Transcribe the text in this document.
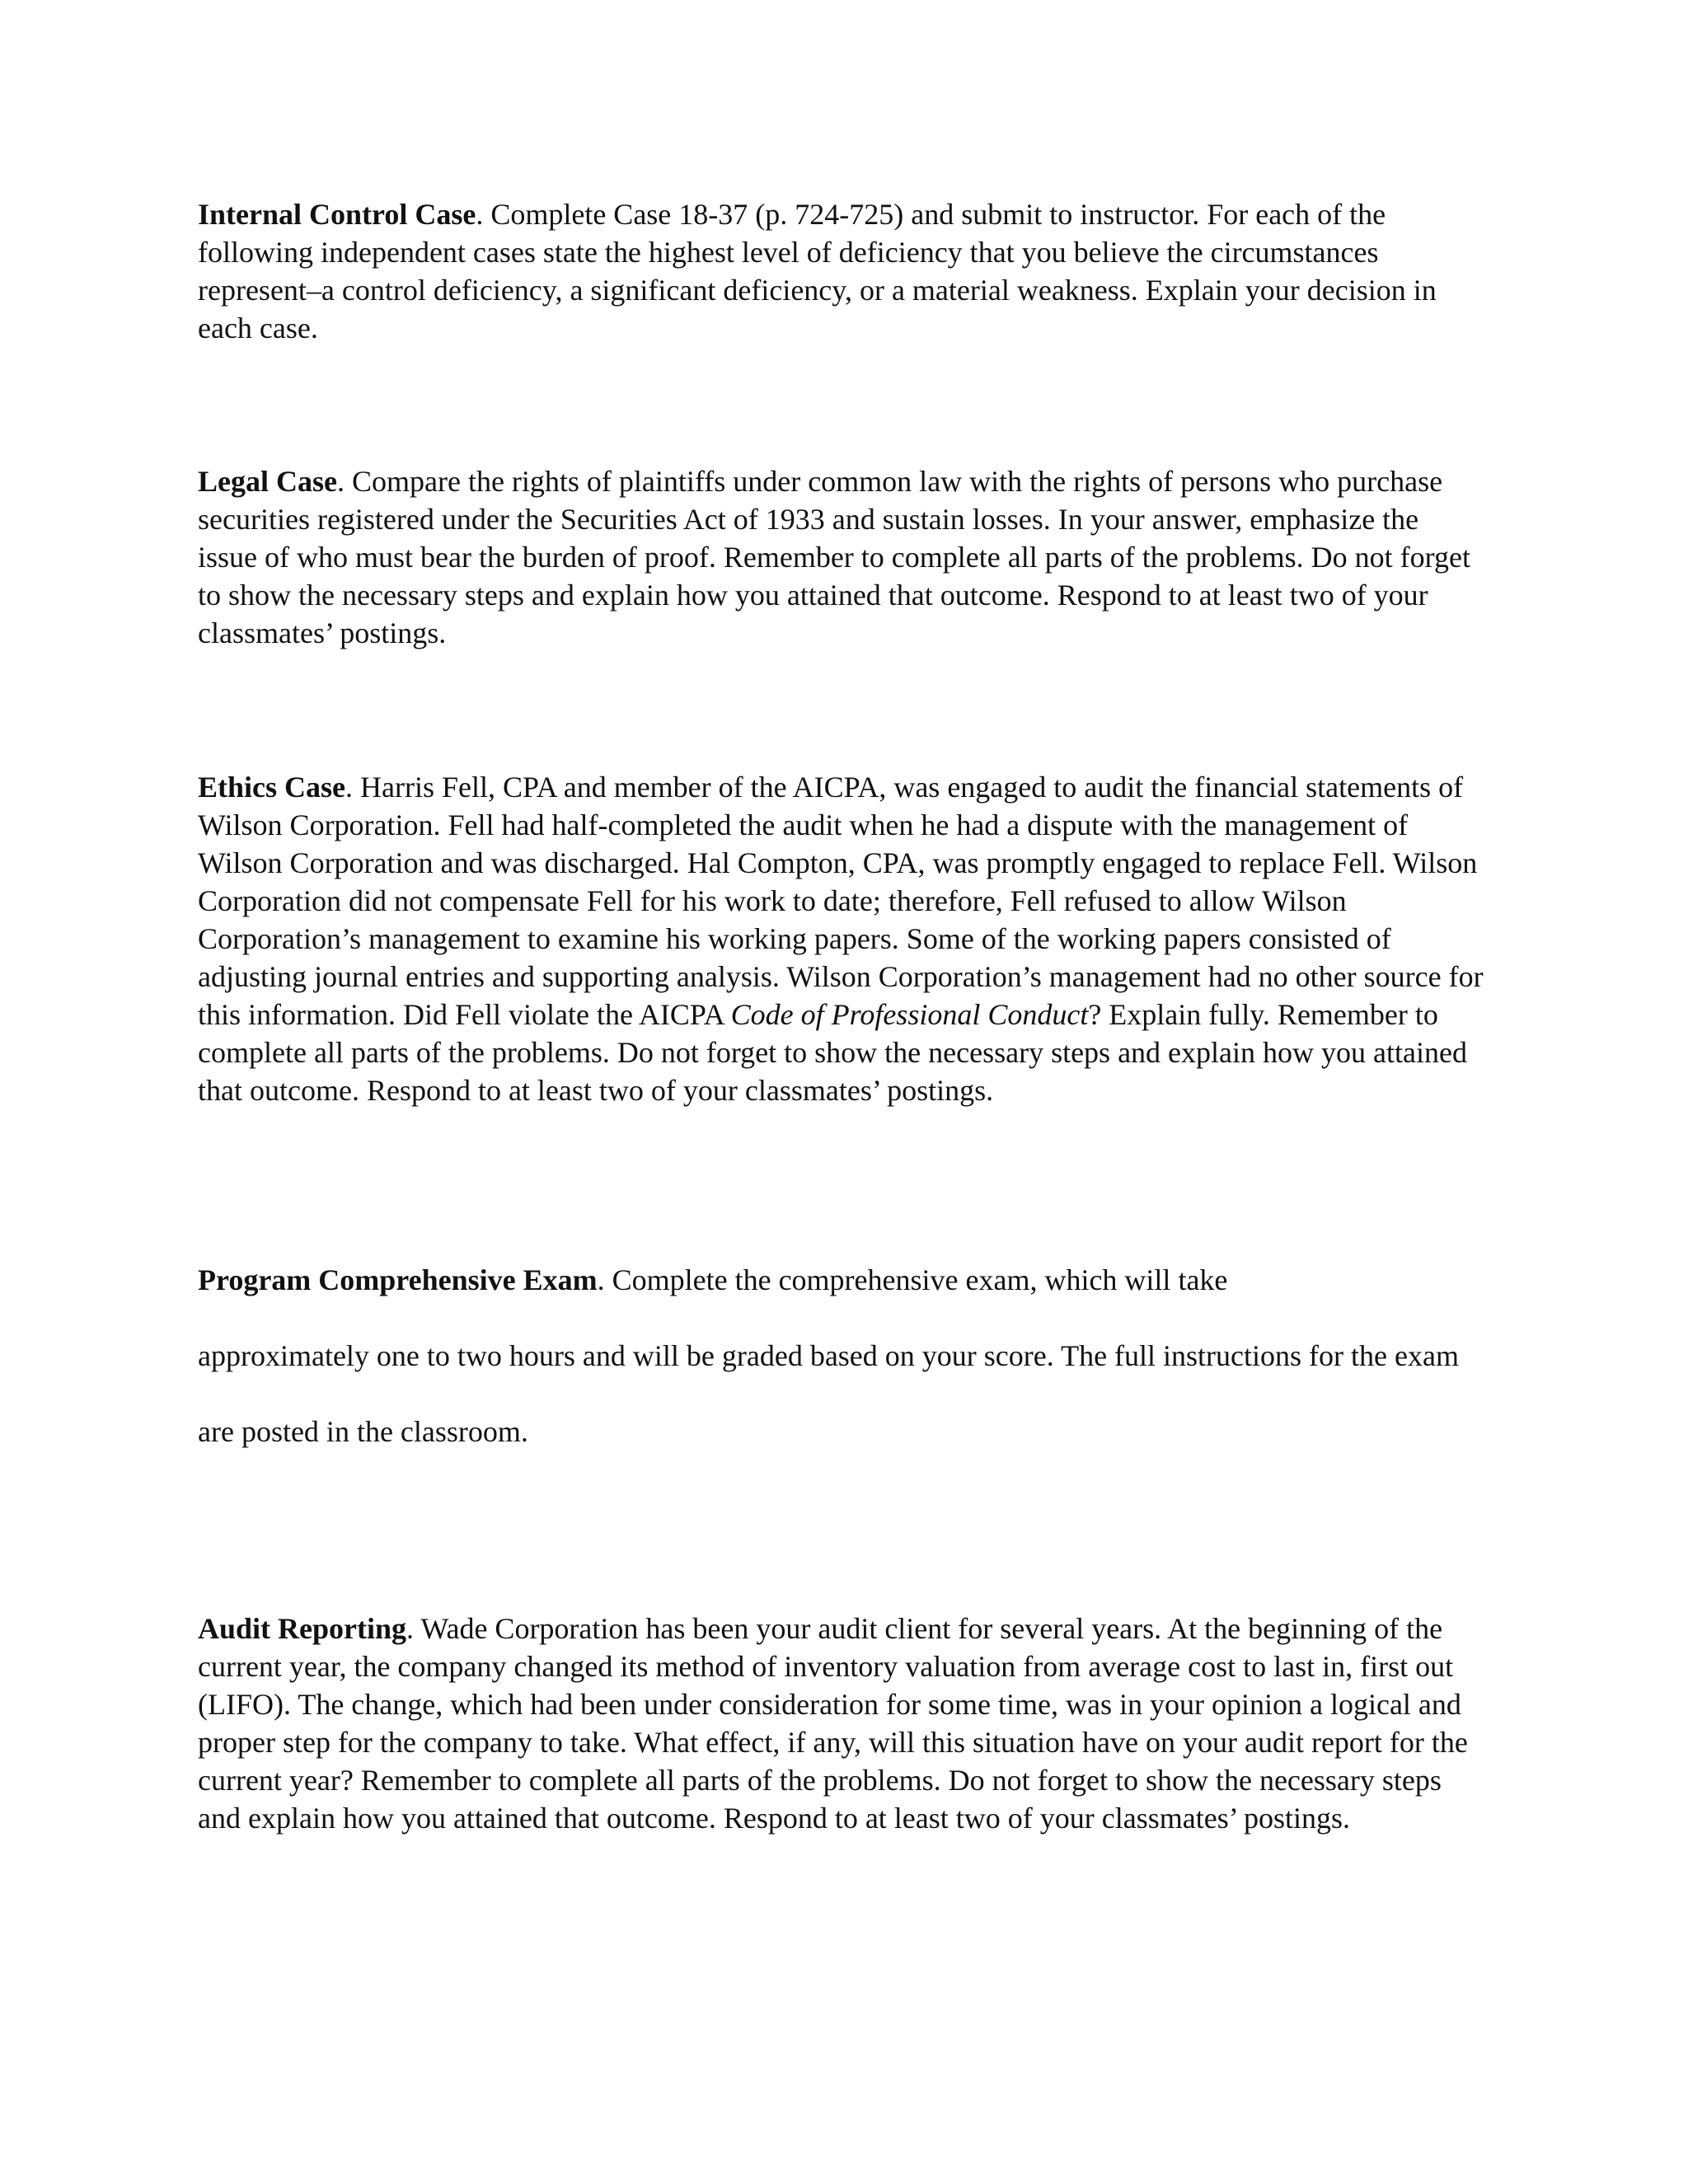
Internal Control Case. Complete Case 18-37 (p. 724-725) and submit to instructor. For each of the following independent cases state the highest level of deficiency that you believe the circumstances represent–a control deficiency, a significant deficiency, or a material weakness. Explain your decision in each case.

Legal Case. Compare the rights of plaintiffs under common law with the rights of persons who purchase securities registered under the Securities Act of 1933 and sustain losses. In your answer, emphasize the issue of who must bear the burden of proof. Remember to complete all parts of the problems. Do not forget to show the necessary steps and explain how you attained that outcome. Respond to at least two of your classmates’ postings.

Ethics Case. Harris Fell, CPA and member of the AICPA, was engaged to audit the financial statements of Wilson Corporation. Fell had half-completed the audit when he had a dispute with the management of Wilson Corporation and was discharged. Hal Compton, CPA, was promptly engaged to replace Fell. Wilson Corporation did not compensate Fell for his work to date; therefore, Fell refused to allow Wilson Corporation’s management to examine his working papers. Some of the working papers consisted of adjusting journal entries and supporting analysis. Wilson Corporation’s management had no other source for this information. Did Fell violate the AICPA Code of Professional Conduct? Explain fully. Remember to complete all parts of the problems. Do not forget to show the necessary steps and explain how you attained that outcome. Respond to at least two of your classmates’ postings.

Program Comprehensive Exam. Complete the comprehensive exam, which will take

approximately one to two hours and will be graded based on your score. The full instructions for the exam

are posted in the classroom.

Audit Reporting. Wade Corporation has been your audit client for several years. At the beginning of the current year, the company changed its method of inventory valuation from average cost to last in, first out (LIFO). The change, which had been under consideration for some time, was in your opinion a logical and proper step for the company to take. What effect, if any, will this situation have on your audit report for the current year? Remember to complete all parts of the problems. Do not forget to show the necessary steps and explain how you attained that outcome. Respond to at least two of your classmates’ postings.
